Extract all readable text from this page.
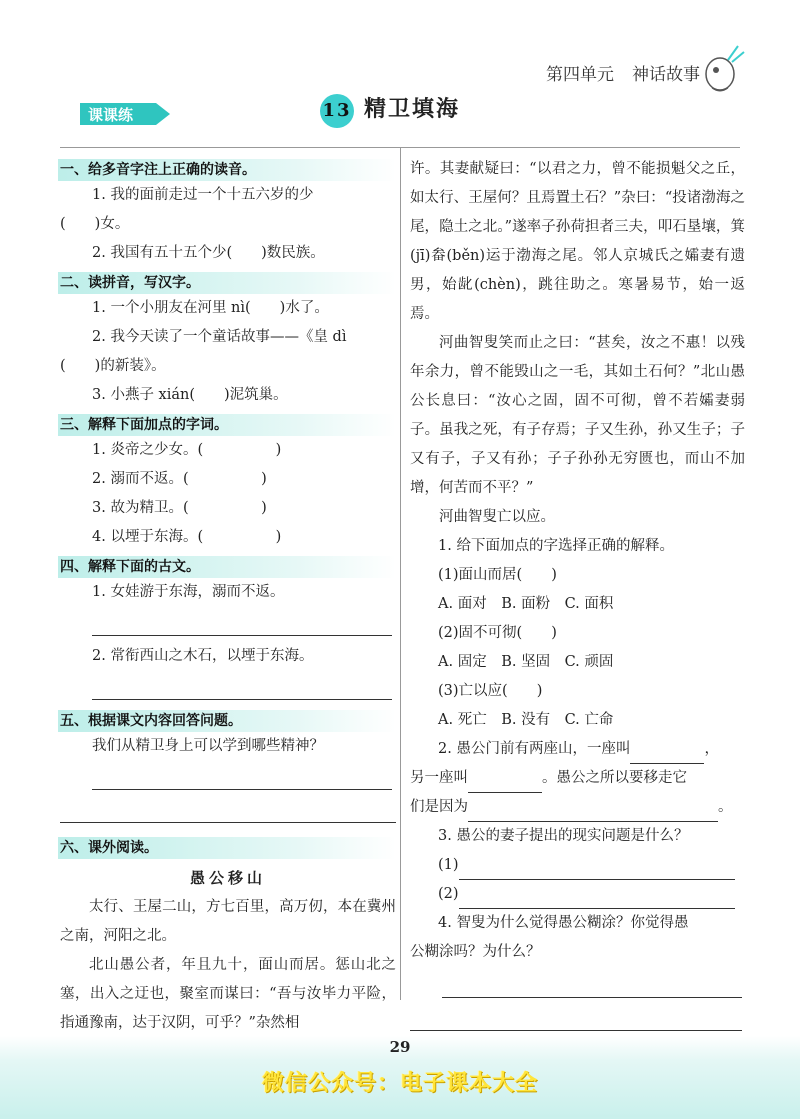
第四单元 神话故事
课课练	13 精卫填海
一、给多音字注上正确的读音。
1. 我的面前走过一个十五六岁的少
(　　)女。
2. 我国有五十五个少(　　)数民族。
二、读拼音，写汉字。
1. 一个小朋友在河里 nì(　　)水了。
2. 我今天读了一个童话故事——《皇 dì
(　　)的新装》。
3. 小燕子 xián(　　)泥筑巢。
三、解释下面加点的字词。
1. 炎帝之少女。(　　　　　)
2. 溺而不返。(　　　　　)
3. 故为精卫。(　　　　　)
4. 以堙于东海。(　　　　　)
四、解释下面的古文。
1. 女娃游于东海，溺而不返。
2. 常衔西山之木石，以堙于东海。
五、根据课文内容回答问题。
我们从精卫身上可以学到哪些精神？
六、课外阅读。
愚公移山
太行、王屋二山，方七百里，高万仞，本在冀州之南，河阳之北。
北山愚公者，年且九十，面山而居。惩山北之塞，出入之迂也，聚室而谋曰：“吾与汝毕力平险，指通豫南，达于汉阴，可乎？”杂然相
许。其妻献疑曰：“以君之力，曾不能损魁父之丘，如太行、王屋何？且焉置土石？”杂曰：“投诸渤海之尾，隐土之北。”遂率子孙荷担者三夫，叩石垦壤，箕(jī)畚(běn)运于渤海之尾。邻人京城氏之孀妻有遗男，始龀(chèn)，跳往助之。寒暑易节，始一返焉。
河曲智叟笑而止之曰：“甚矣，汝之不惠！以残年余力，曾不能毁山之一毛，其如土石何？”北山愚公长息曰：“汝心之固，固不可彻，曾不若孀妻弱子。虽我之死，有子存焉；子又生孙，孙又生子；子又有子，子又有孙；子子孙孙无穷匮也，而山不加增，何苦而不平？”
河曲智叟亡以应。
1. 给下面加点的字选择正确的解释。
(1)面山而居(　　)
A. 面对　B. 面粉　C. 面积
(2)固不可彻(　　)
A. 固定　B. 坚固　C. 顽固
(3)亡以应(　　)
A. 死亡　B. 没有　C. 亡命
2. 愚公门前有两座山，一座叫	，
另一座叫	。愚公之所以要移走它
们是因为	。
3. 愚公的妻子提出的现实问题是什么？
(1)
(2)
4. 智叟为什么觉得愚公糊涂？你觉得愚
公糊涂吗？为什么？
29
微信公众号：电子课本大全
